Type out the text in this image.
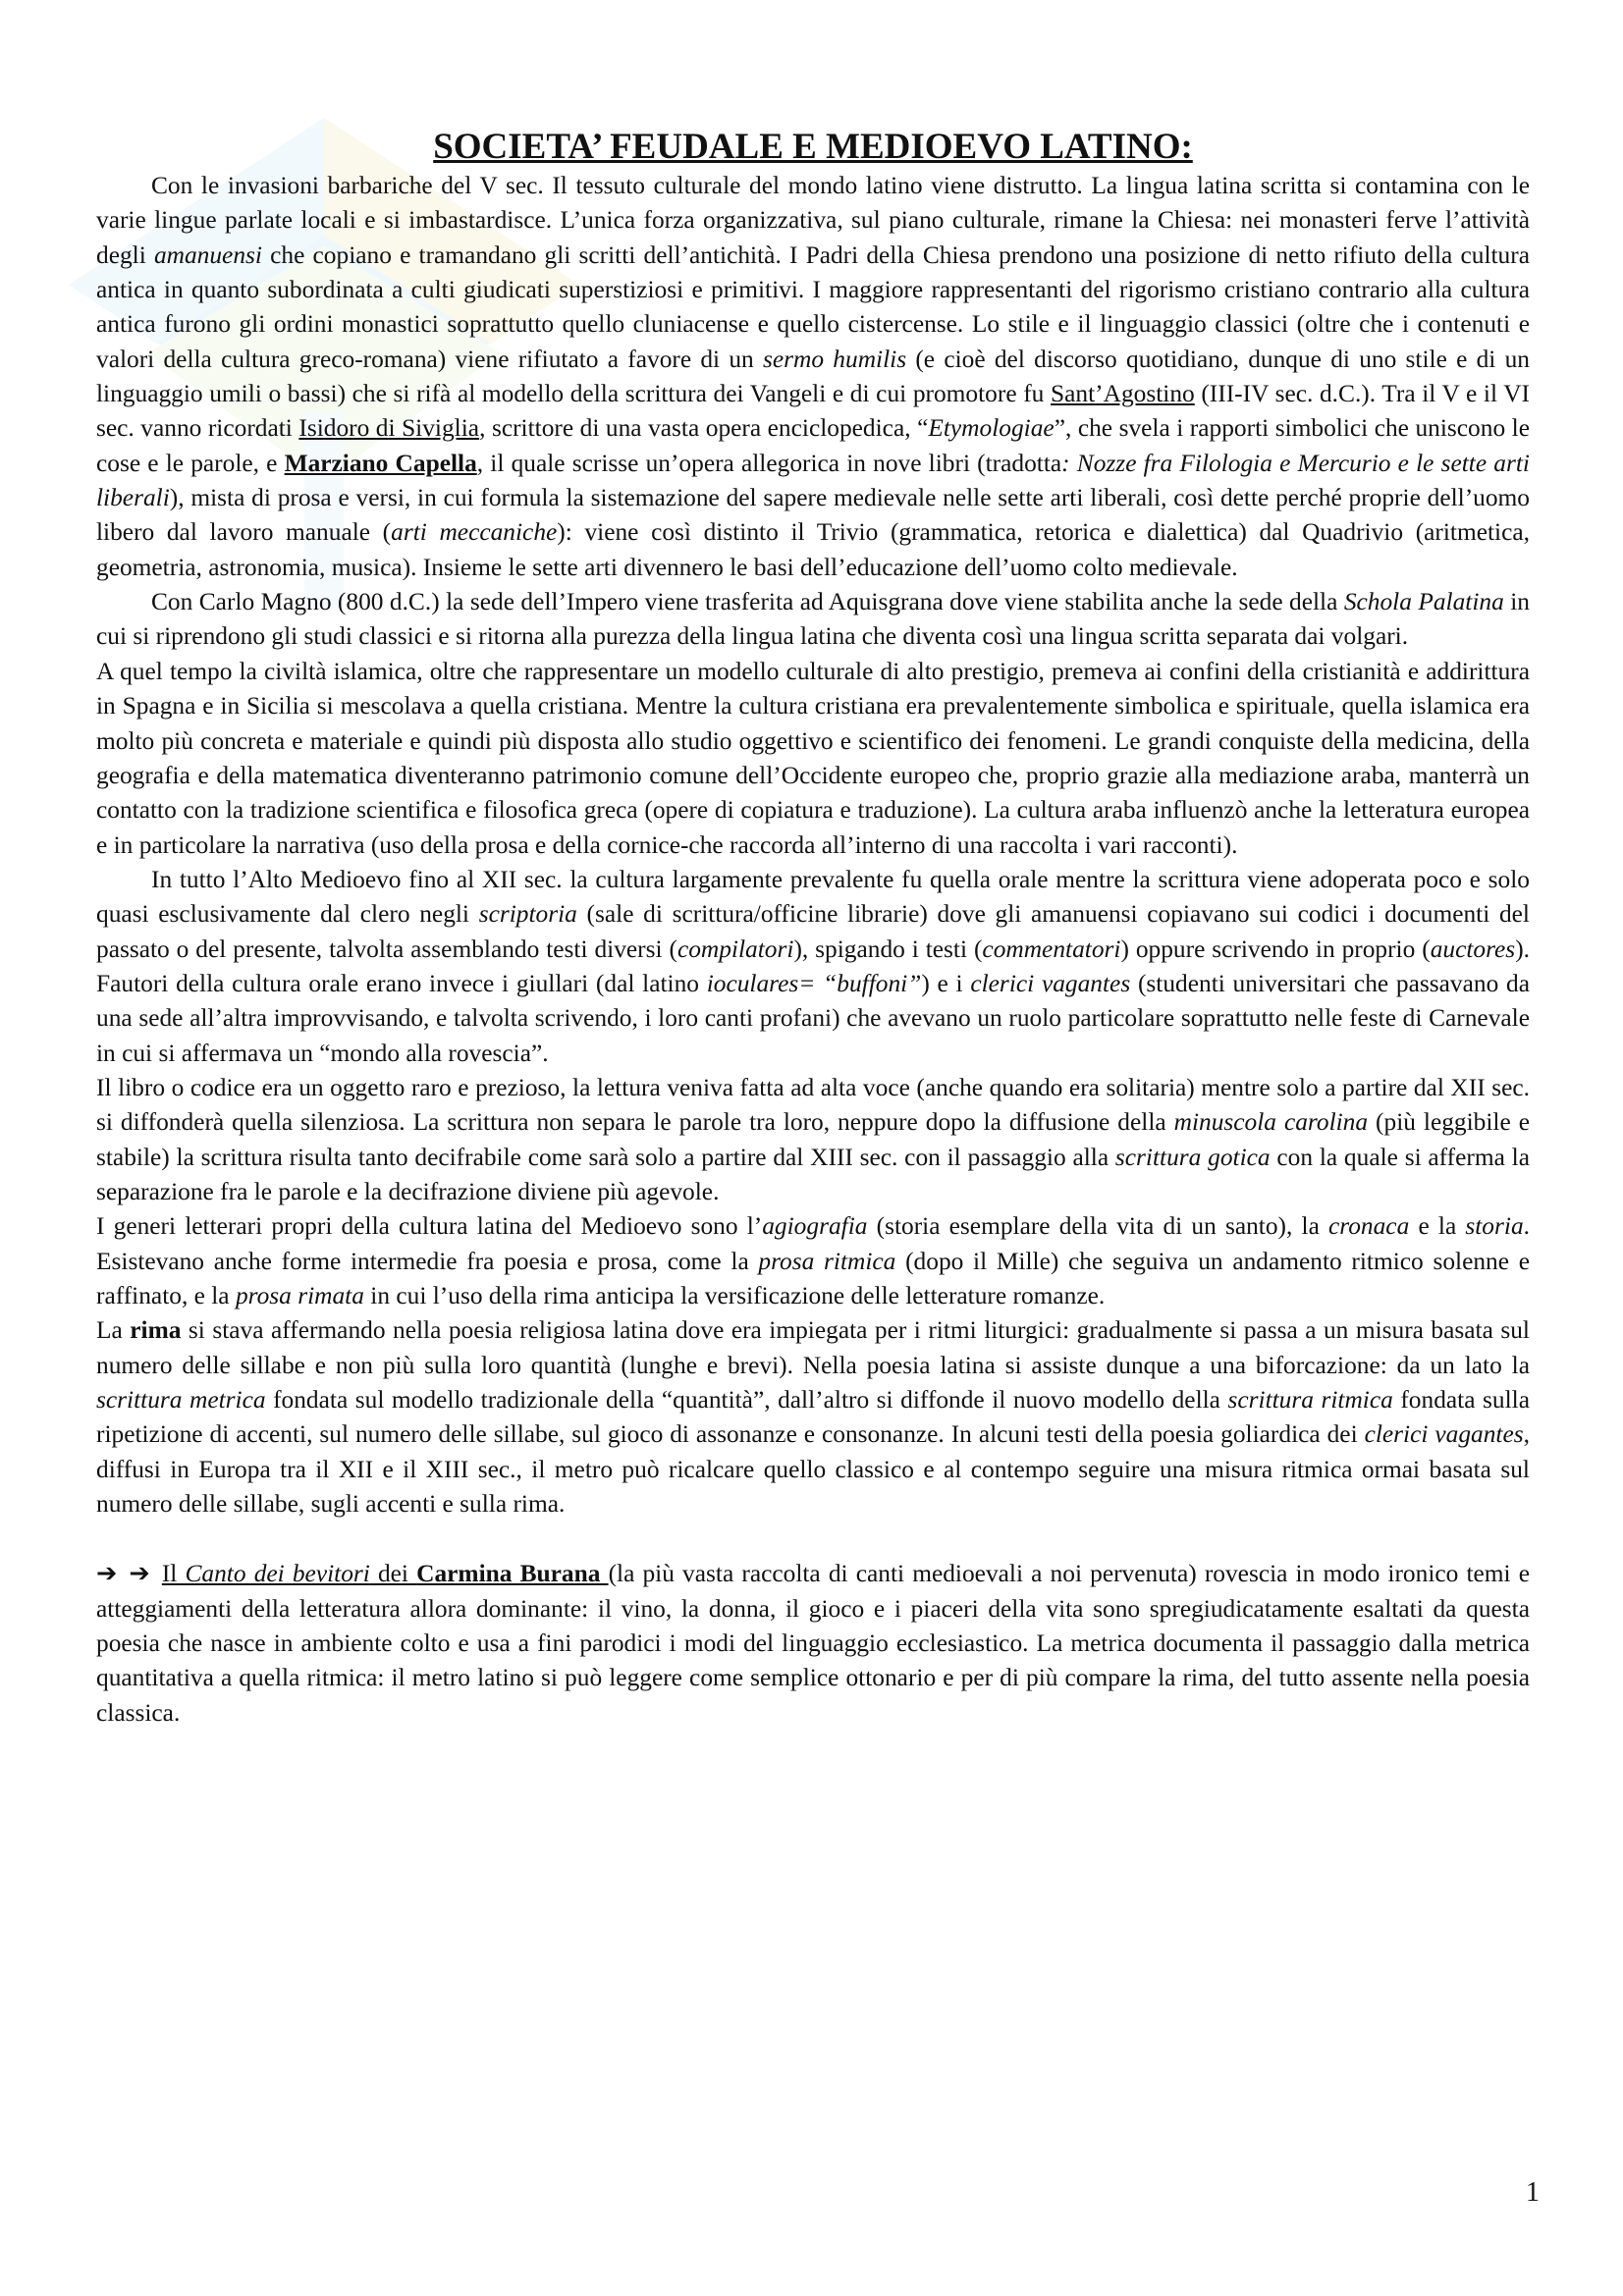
SOCIETA’ FEUDALE E MEDIOEVO LATINO:

Con le invasioni barbariche del V sec. Il tessuto culturale del mondo latino viene distrutto. La lingua latina scritta si contamina con le varie lingue parlate locali e si imbastardisce. L’unica forza organizzativa, sul piano culturale, rimane la Chiesa: nei monasteri ferve l’attività degli amanuensi che copiano e tramandano gli scritti dell’antichità. I Padri della Chiesa prendono una posizione di netto rifiuto della cultura antica in quanto subordinata a culti giudicati superstiziosi e primitivi. I maggiore rappresentanti del rigorismo cristiano contrario alla cultura antica furono gli ordini monastici soprattutto quello cluniacense e quello cistercense. Lo stile e il linguaggio classici (oltre che i contenuti e valori della cultura greco-romana) viene rifiutato a favore di un sermo humilis (e cioè del discorso quotidiano, dunque di uno stile e di un linguaggio umili o bassi) che si rifà al modello della scrittura dei Vangeli e di cui promotore fu Sant’Agostino (III-IV sec. d.C.). Tra il V e il VI sec. vanno ricordati Isidoro di Siviglia, scrittore di una vasta opera enciclopedica, “Etymologiae”, che svela i rapporti simbolici che uniscono le cose e le parole, e Marziano Capella, il quale scrisse un’opera allegorica in nove libri (tradotta: Nozze fra Filologia e Mercurio e le sette arti liberali), mista di prosa e versi, in cui formula la sistemazione del sapere medievale nelle sette arti liberali, così dette perché proprie dell’uomo libero dal lavoro manuale (arti meccaniche): viene così distinto il Trivio (grammatica, retorica e dialettica) dal Quadrivio (aritmetica, geometria, astronomia, musica). Insieme le sette arti divennero le basi dell’educazione dell’uomo colto medievale.

Con Carlo Magno (800 d.C.) la sede dell’Impero viene trasferita ad Aquisgrana dove viene stabilita anche la sede della Schola Palatina in cui si riprendono gli studi classici e si ritorna alla purezza della lingua latina che diventa così una lingua scritta separata dai volgari.

A quel tempo la civiltà islamica, oltre che rappresentare un modello culturale di alto prestigio, premeva ai confini della cristianità e addirittura in Spagna e in Sicilia si mescolava a quella cristiana. Mentre la cultura cristiana era prevalentemente simbolica e spirituale, quella islamica era molto più concreta e materiale e quindi più disposta allo studio oggettivo e scientifico dei fenomeni. Le grandi conquiste della medicina, della geografia e della matematica diventeranno patrimonio comune dell’Occidente europeo che, proprio grazie alla mediazione araba, manterrà un contatto con la tradizione scientifica e filosofica greca (opere di copiatura e traduzione). La cultura araba influenzò anche la letteratura europea e in particolare la narrativa (uso della prosa e della cornice-che raccorda all’interno di una raccolta i vari racconti).

In tutto l’Alto Medioevo fino al XII sec. la cultura largamente prevalente fu quella orale mentre la scrittura viene adoperata poco e solo quasi esclusivamente dal clero negli scriptoria (sale di scrittura/officine librarie) dove gli amanuensi copiavano sui codici i documenti del passato o del presente, talvolta assemblando testi diversi (compilatori), spigando i testi (commentatori) oppure scrivendo in proprio (auctores). Fautori della cultura orale erano invece i giullari (dal latino ioculares= “buffoni”) e i clerici vagantes (studenti universitari che passavano da una sede all’altra improvvisando, e talvolta scrivendo, i loro canti profani) che avevano un ruolo particolare soprattutto nelle feste di Carnevale in cui si affermava un “mondo alla rovescia”.

Il libro o codice era un oggetto raro e prezioso, la lettura veniva fatta ad alta voce (anche quando era solitaria) mentre solo a partire dal XII sec. si diffonderà quella silenziosa. La scrittura non separa le parole tra loro, neppure dopo la diffusione della minuscola carolina (più leggibile e stabile) la scrittura risulta tanto decifrabile come sarà solo a partire dal XIII sec. con il passaggio alla scrittura gotica con la quale si afferma la separazione fra le parole e la decifrazione diviene più agevole.

I generi letterari propri della cultura latina del Medioevo sono l’agiografia (storia esemplare della vita di un santo), la cronaca e la storia. Esistevano anche forme intermedie fra poesia e prosa, come la prosa ritmica (dopo il Mille) che seguiva un andamento ritmico solenne e raffinato, e la prosa rimata in cui l’uso della rima anticipa la versificazione delle letterature romanze.

La rima si stava affermando nella poesia religiosa latina dove era impiegata per i ritmi liturgici: gradualmente si passa a un misura basata sul numero delle sillabe e non più sulla loro quantità (lunghe e brevi). Nella poesia latina si assiste dunque a una biforcazione: da un lato la scrittura metrica fondata sul modello tradizionale della “quantità”, dall’altro si diffonde il nuovo modello della scrittura ritmica fondata sulla ripetizione di accenti, sul numero delle sillabe, sul gioco di assonanze e consonanze. In alcuni testi della poesia goliardica dei clerici vagantes, diffusi in Europa tra il XII e il XIII sec., il metro può ricalcare quello classico e al contempo seguire una misura ritmica ormai basata sul numero delle sillabe, sugli accenti e sulla rima.

➔ ➔ Il Canto dei bevitori dei Carmina Burana (la più vasta raccolta di canti medioevali a noi pervenuta) rovescia in modo ironico temi e atteggiamenti della letteratura allora dominante: il vino, la donna, il gioco e i piaceri della vita sono spregiudicatamente esaltati da questa poesia che nasce in ambiente colto e usa a fini parodici i modi del linguaggio ecclesiastico. La metrica documenta il passaggio dalla metrica quantitativa a quella ritmica: il metro latino si può leggere come semplice ottonario e per di più compare la rima, del tutto assente nella poesia classica.

1
